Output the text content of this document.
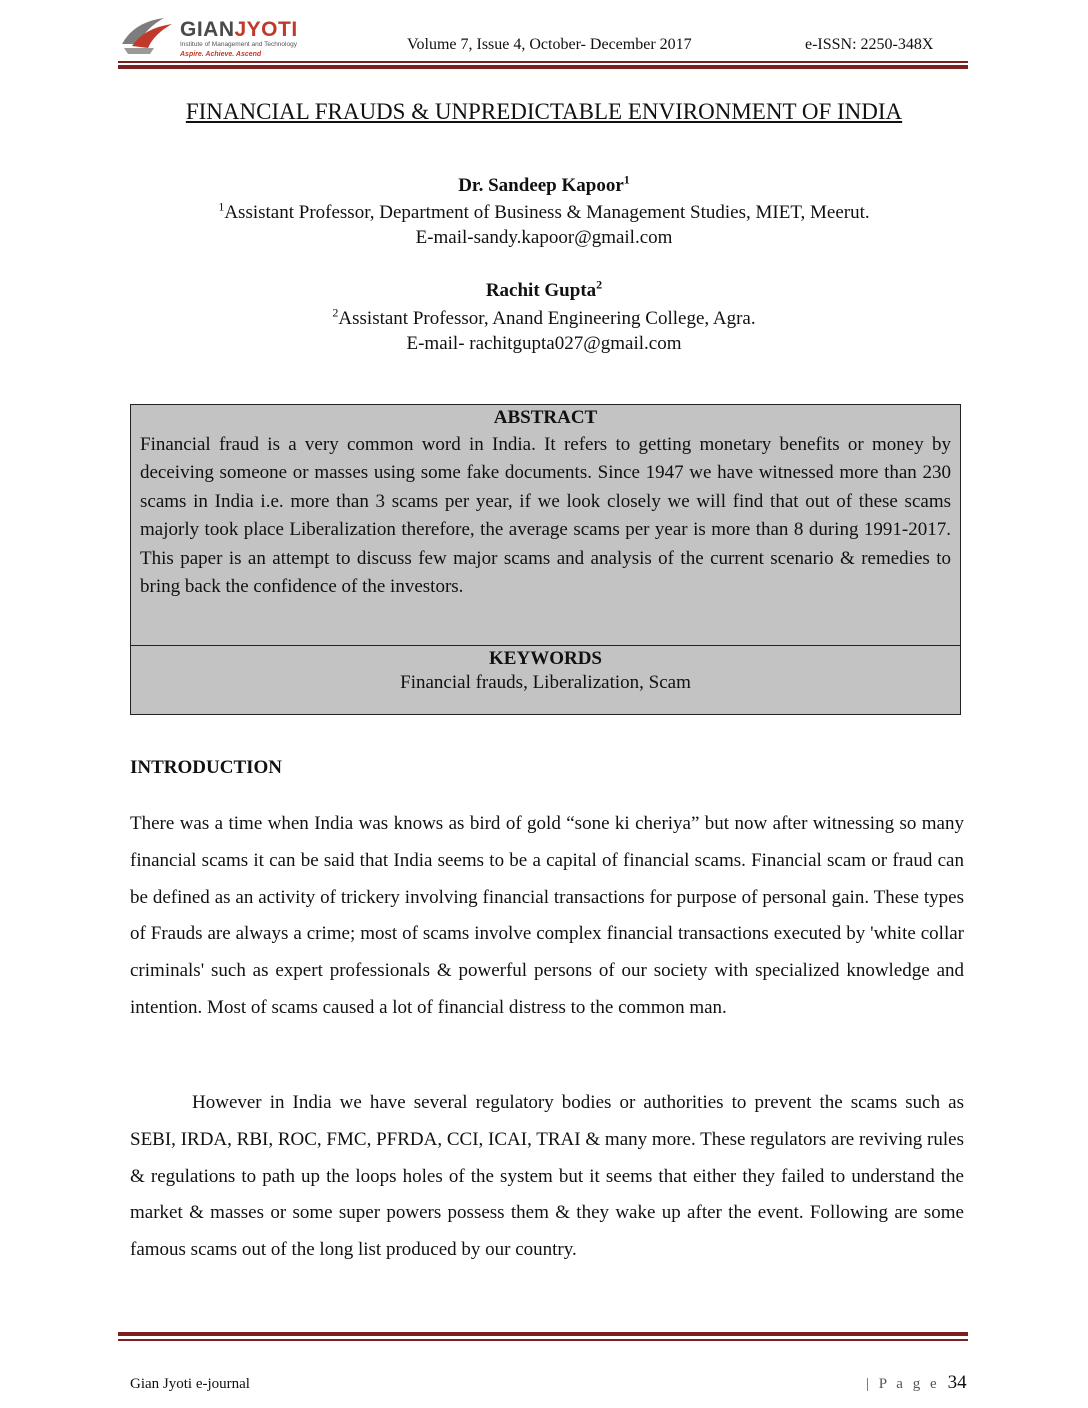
GIANJYOTI
Institute of Management and Technology
Aspire. Achieve. Ascend
Volume 7, Issue 4, October- December 2017	e-ISSN: 2250-348X
FINANCIAL FRAUDS & UNPREDICTABLE ENVIRONMENT OF INDIA
Dr. Sandeep Kapoor$^1$
$^1$Assistant Professor, Department of Business & Management Studies, MIET, Meerut.
E-mail-sandy.kapoor@gmail.com
Rachit Gupta$^2$
$^2$Assistant Professor, Anand Engineering College, Agra.
E-mail- rachitgupta027@gmail.com
ABSTRACT
Financial fraud is a very common word in India. It refers to getting monetary benefits or money by deceiving someone or masses using some fake documents. Since 1947 we have witnessed more than 230 scams in India i.e. more than 3 scams per year, if we look closely we will find that out of these scams majorly took place Liberalization therefore, the average scams per year is more than 8 during 1991-2017. This paper is an attempt to discuss few major scams and analysis of the current scenario & remedies to bring back the confidence of the investors.
KEYWORDS
Financial frauds, Liberalization, Scam
INTRODUCTION
There was a time when India was knows as bird of gold “sone ki cheriya” but now after witnessing so many financial scams it can be said that India seems to be a capital of financial scams. Financial scam or fraud can be defined as an activity of trickery involving financial transactions for purpose of personal gain. These types of Frauds are always a crime; most of scams involve complex financial transactions executed by 'white collar criminals' such as expert professionals & powerful persons of our society with specialized knowledge and intention. Most of scams caused a lot of financial distress to the common man.
However in India we have several regulatory bodies or authorities to prevent the scams such as SEBI, IRDA, RBI, ROC, FMC, PFRDA, CCI, ICAI, TRAI & many more. These regulators are reviving rules & regulations to path up the loops holes of the system but it seems that either they failed to understand the market & masses or some super powers possess them & they wake up after the event. Following are some famous scams out of the long list produced by our country.
Gian Jyoti e-journal	| P a g e 34
